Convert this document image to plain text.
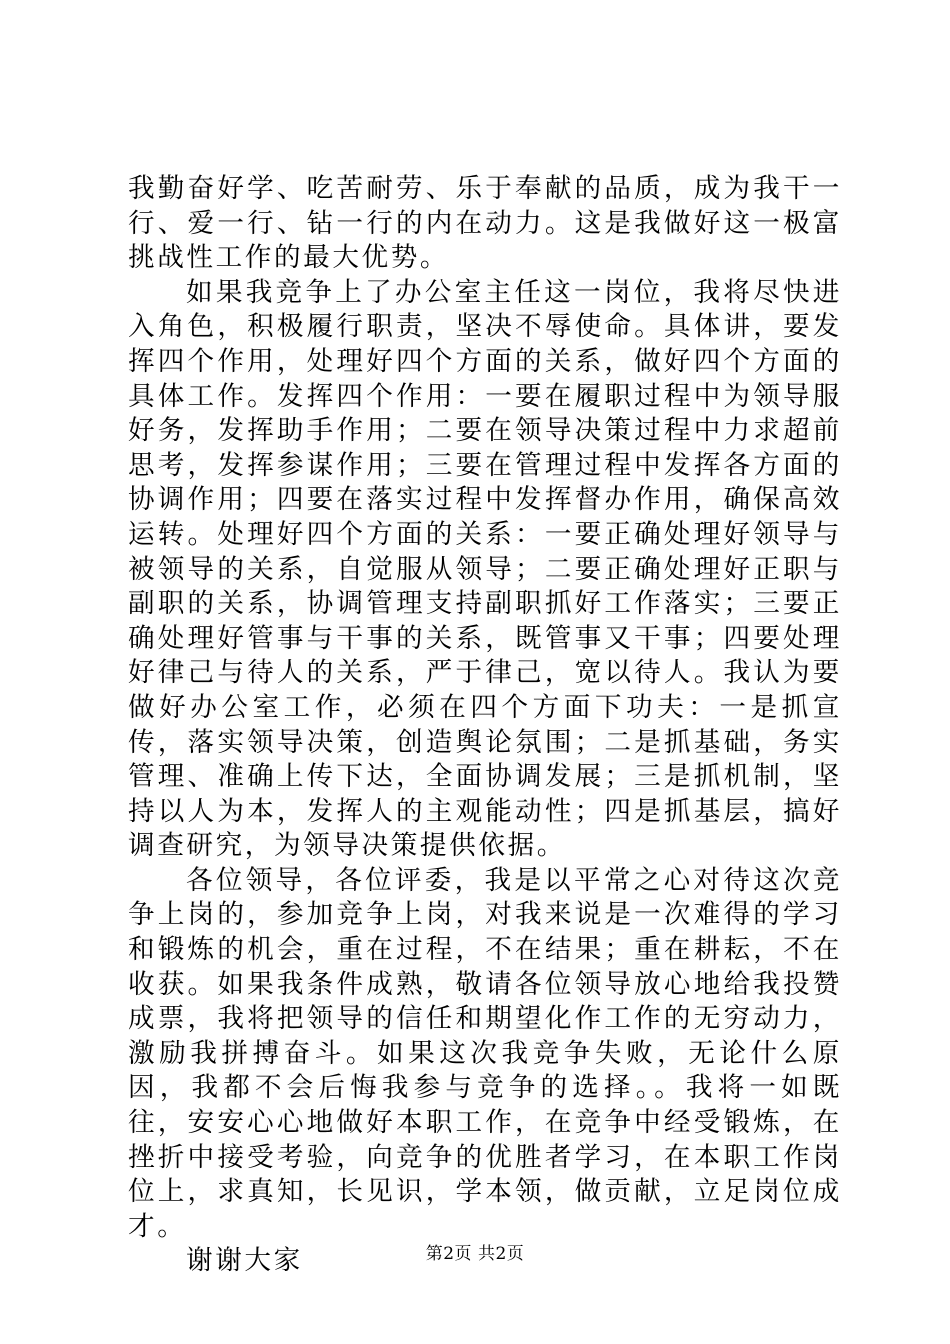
我勤奋好学、吃苦耐劳、乐于奉献的品质，成为我干一行、爱一行、钻一行的内在动力。这是我做好这一极富挑战性工作的最大优势。

如果我竞争上了办公室主任这一岗位，我将尽快进入角色，积极履行职责，坚决不辱使命。具体讲，要发挥四个作用，处理好四个方面的关系，做好四个方面的具体工作。发挥四个作用：一要在履职过程中为领导服好务，发挥助手作用；二要在领导决策过程中力求超前思考，发挥参谋作用；三要在管理过程中发挥各方面的协调作用；四要在落实过程中发挥督办作用，确保高效运转。处理好四个方面的关系：一要正确处理好领导与被领导的关系，自觉服从领导；二要正确处理好正职与副职的关系，协调管理支持副职抓好工作落实；三要正确处理好管事与干事的关系，既管事又干事；四要处理好律己与待人的关系，严于律己，宽以待人。我认为要做好办公室工作，必须在四个方面下功夫：一是抓宣传，落实领导决策，创造舆论氛围；二是抓基础，务实管理、准确上传下达，全面协调发展；三是抓机制，坚持以人为本，发挥人的主观能动性；四是抓基层，搞好调查研究，为领导决策提供依据。

各位领导，各位评委，我是以平常之心对待这次竞争上岗的，参加竞争上岗，对我来说是一次难得的学习和锻炼的机会，重在过程，不在结果；重在耕耘，不在收获。如果我条件成熟，敬请各位领导放心地给我投赞成票，我将把领导的信任和期望化作工作的无穷动力，激励我拼搏奋斗。如果这次我竞争失败，无论什么原因，我都不会后悔我参与竞争的选择。。我将一如既往，安安心心地做好本职工作，在竞争中经受锻炼，在挫折中接受考验，向竞争的优胜者学习，在本职工作岗位上，求真知，长见识，学本领，做贡献，立足岗位成才。

谢谢大家	第2页 共2页
